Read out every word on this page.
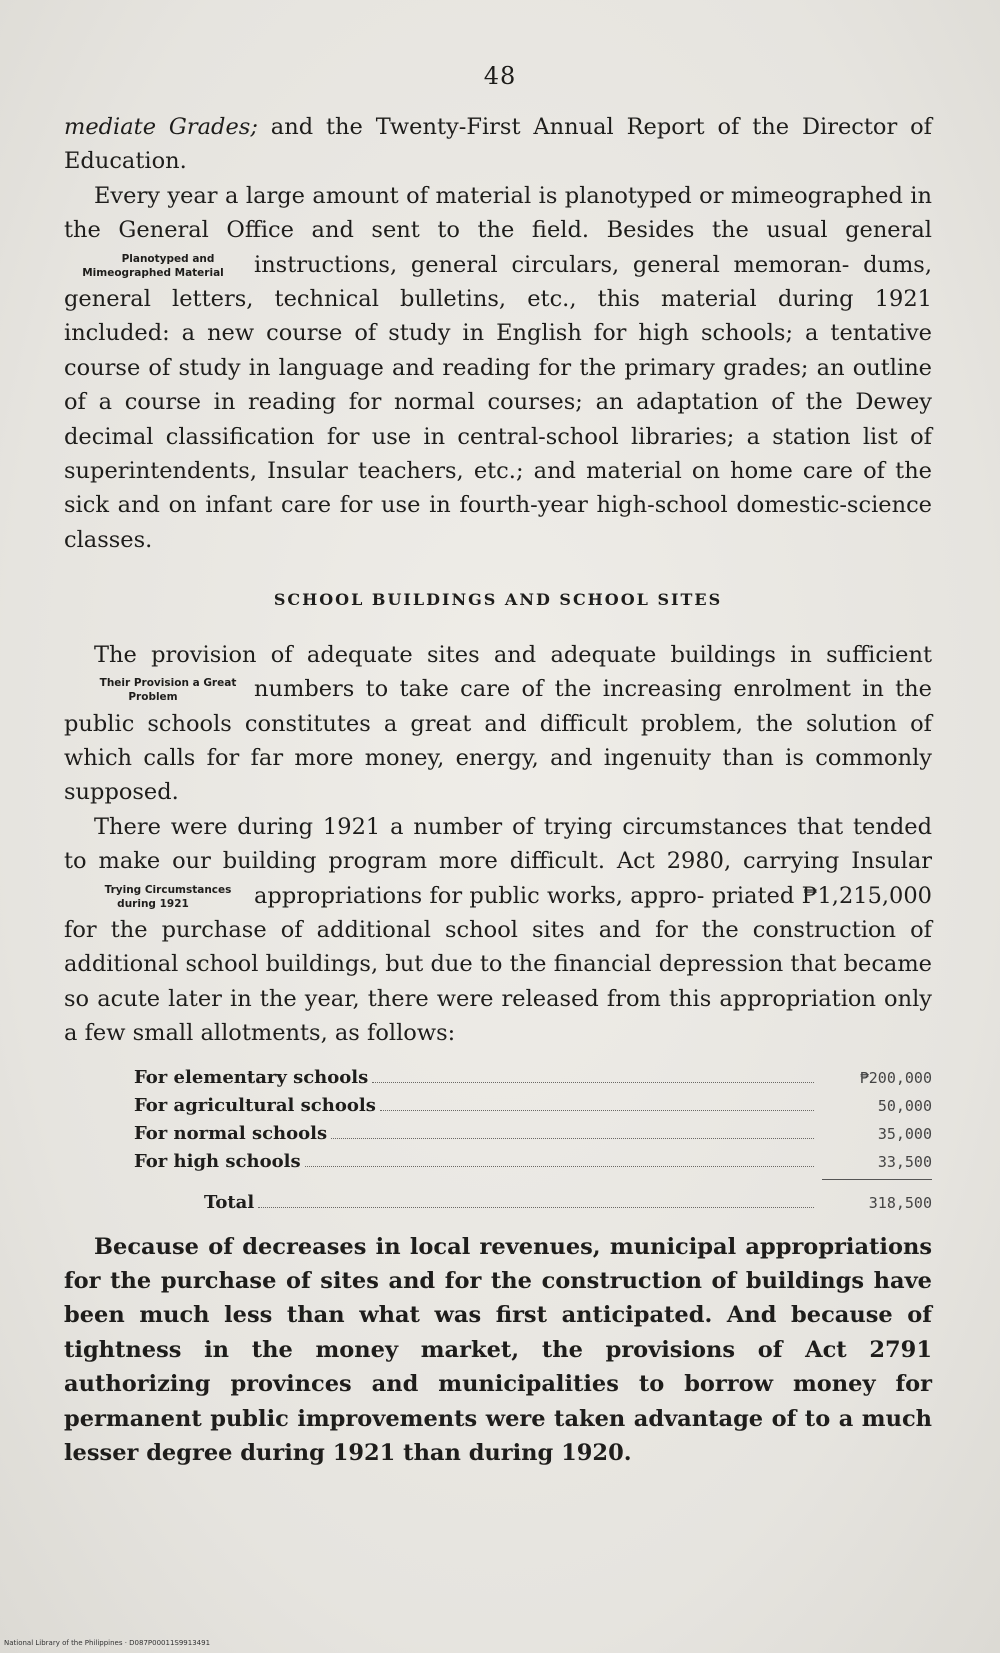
48

mediate Grades; and the Twenty-First Annual Report of the Director of Education.

Every year a large amount of material is planotyped or mimeographed in the General Office and sent to the field. Besides the usual general instructions, general circulars, general memoran-
Planotyped and Mimeographed Material	dums, general letters, technical bulletins, etc., this material during 1921 included: a new course of study in English for high schools; a tentative course of study in language and reading for the primary grades; an outline of a course in reading for normal courses; an adaptation of the Dewey decimal classification for use in central-school libraries; a station list of superintendents, Insular teachers, etc.; and material on home care of the sick and on infant care for use in fourth-year high-school domestic-science classes.

SCHOOL BUILDINGS AND SCHOOL SITES

The provision of adequate sites and adequate buildings in
Their Provision a Great Problem
sufficient numbers to take care of the increasing enrolment in the public schools constitutes a great and difficult problem, the solution of which calls for far more money, energy, and ingenuity than is commonly supposed.

There were during 1921 a number of trying circumstances that tended to make our building program more difficult. Act 2980, carrying Insular appropriations for public works, appro-
Trying Circumstances during 1921	priated ₱1,215,000 for the purchase of additional school sites and for the construction of additional school buildings, but due to the financial depression that became so acute later in the year, there were released from this appropriation only a few small allotments, as follows:

For elementary schools	₱200,000
For agricultural schools	50,000
For normal schools	35,000
For high schools	33,500
Total	318,500

Because of decreases in local revenues, municipal appropriations for the purchase of sites and for the construction of buildings have been much less than what was first anticipated. And because of tightness in the money market, the provisions of Act 2791 authorizing provinces and municipalities to borrow money for permanent public improvements were taken advantage of to a much lesser degree during 1921 than during 1920.

National Library of the Philippines · D087P00011S9913491
